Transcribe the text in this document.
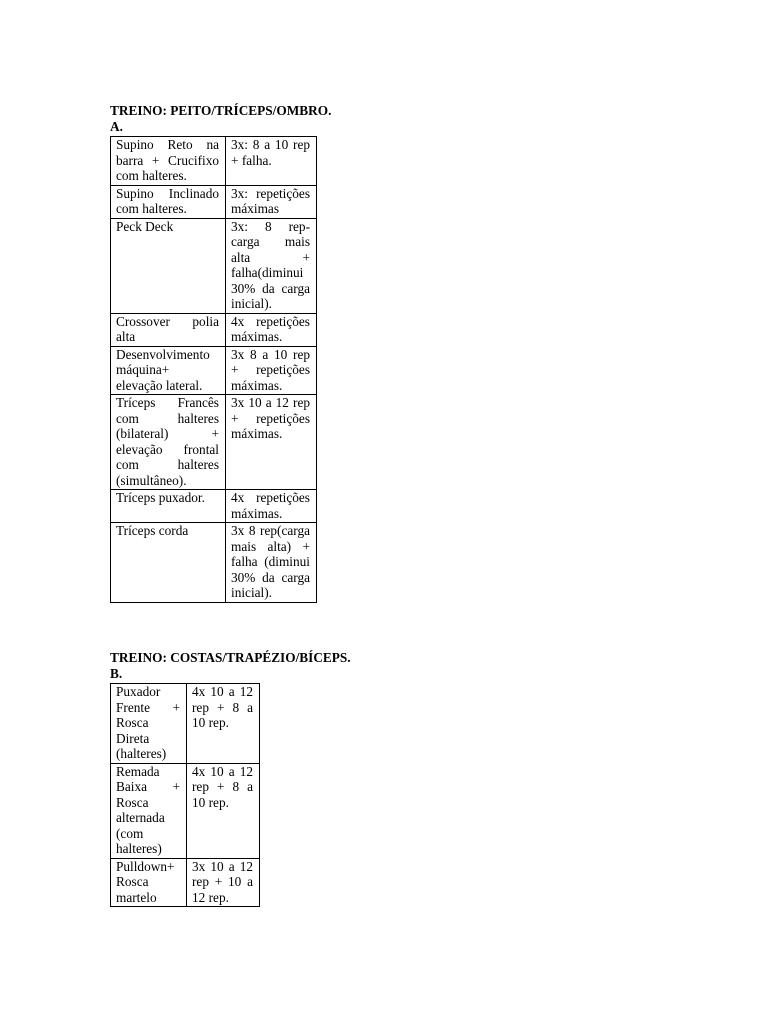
TREINO: PEITO/TRÍCEPS/OMBRO.
A.
Supino Reto na barra + Crucifixo com halteres.	3x: 8 a 10 rep + falha.
Supino Inclinado com halteres.	3x: repetições máximas
Peck Deck	3x: 8 rep-carga mais alta + falha(diminui 30% da carga inicial).
Crossover polia alta	4x repetições máximas.
Desenvolvimento máquina+ elevação lateral.	3x 8 a 10 rep + repetições máximas.
Tríceps Francês com halteres (bilateral) + elevação frontal com halteres (simultâneo).	3x 10 a 12 rep + repetições máximas.
Tríceps puxador.	4x repetições máximas.
Tríceps corda	3x 8 rep(carga mais alta) + falha (diminui 30% da carga inicial).
TREINO: COSTAS/TRAPÉZIO/BÍCEPS.
B.
Puxador Frente + Rosca Direta (halteres)	4x 10 a 12 rep + 8 a 10 rep.
Remada Baixa + Rosca alternada (com halteres)	4x 10 a 12 rep + 8 a 10 rep.
Pulldown+ Rosca martelo	3x 10 a 12 rep + 10 a 12 rep.
